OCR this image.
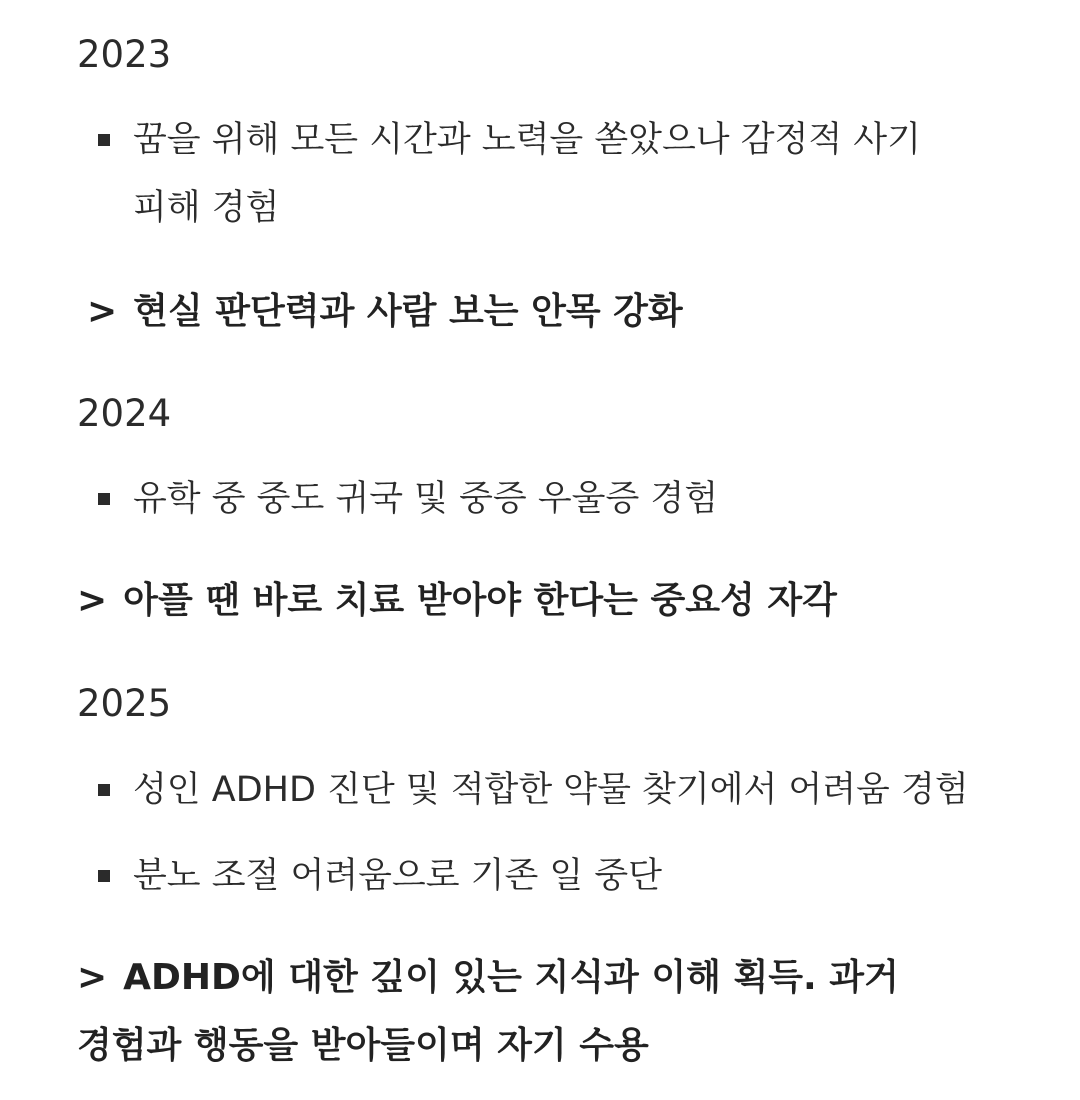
2023
꿈을 위해 모든 시간과 노력을 쏟았으나 감정적 사기 피해 경험
> 현실 판단력과 사람 보는 안목 강화
2024
유학 중 중도 귀국 및 중증 우울증 경험
> 아플 땐 바로 치료 받아야 한다는 중요성 자각
2025
성인 ADHD 진단 및 적합한 약물 찾기에서 어려움 경험
분노 조절 어려움으로 기존 일 중단
> ADHD에 대한 깊이 있는 지식과 이해 획득. 과거 경험과 행동을 받아들이며 자기 수용
